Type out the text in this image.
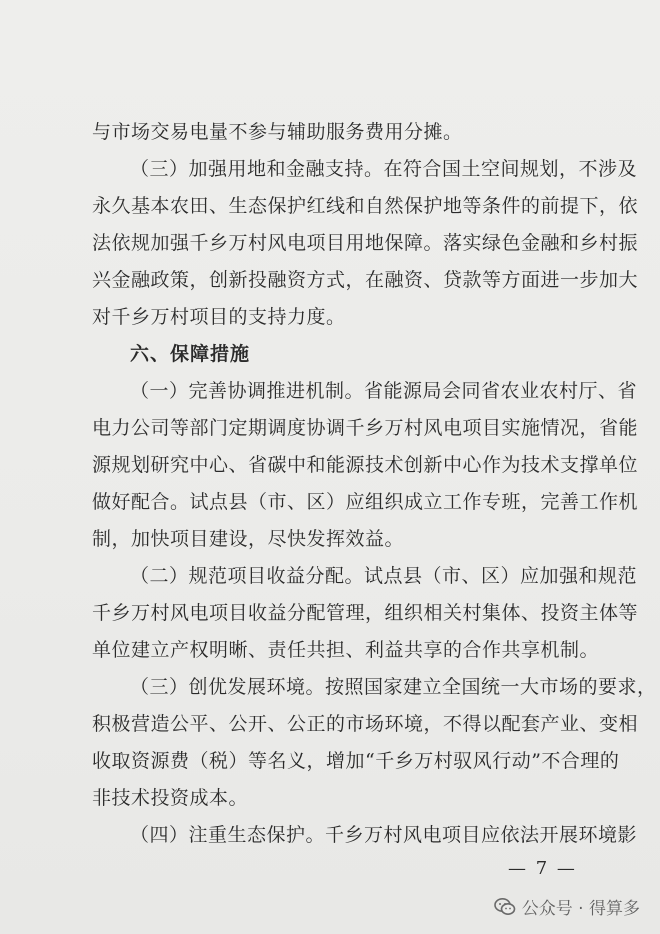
与市场交易电量不参与辅助服务费用分摊。
（三）加强用地和金融支持。在符合国土空间规划，不涉及
永久基本农田、生态保护红线和自然保护地等条件的前提下，依
法依规加强千乡万村风电项目用地保障。落实绿色金融和乡村振
兴金融政策，创新投融资方式，在融资、贷款等方面进一步加大
对千乡万村项目的支持力度。
六、保障措施
（一）完善协调推进机制。省能源局会同省农业农村厅、省
电力公司等部门定期调度协调千乡万村风电项目实施情况，省能
源规划研究中心、省碳中和能源技术创新中心作为技术支撑单位
做好配合。试点县（市、区）应组织成立工作专班，完善工作机
制，加快项目建设，尽快发挥效益。
（二）规范项目收益分配。试点县（市、区）应加强和规范
千乡万村风电项目收益分配管理，组织相关村集体、投资主体等
单位建立产权明晰、责任共担、利益共享的合作共享机制。
（三）创优发展环境。按照国家建立全国统一大市场的要求，
积极营造公平、公开、公正的市场环境，不得以配套产业、变相
收取资源费（税）等名义，增加“千乡万村驭风行动”不合理的
非技术投资成本。
（四）注重生态保护。千乡万村风电项目应依法开展环境影
— 7 —
公众号 · 得算多
